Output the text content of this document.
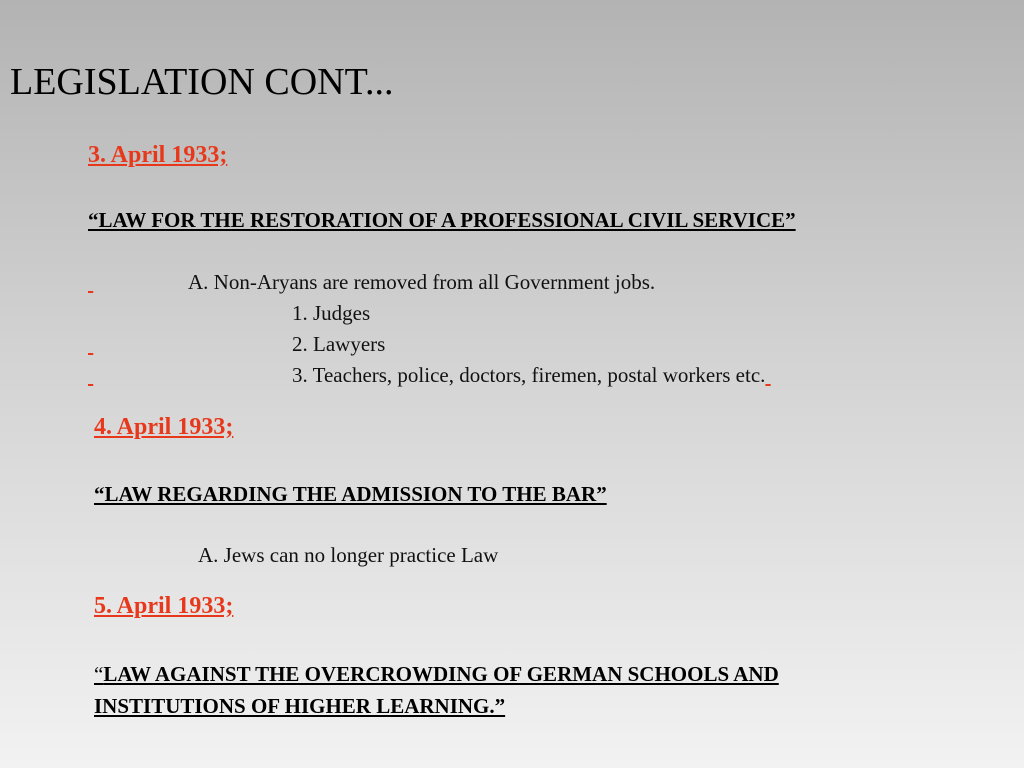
LEGISLATION CONT...
3. April 1933;
“LAW FOR THE RESTORATION OF A PROFESSIONAL CIVIL SERVICE”
A. Non-Aryans are removed from all Government jobs.
1. Judges
2. Lawyers
3. Teachers, police, doctors, firemen, postal workers etc.
4. April 1933;
“LAW REGARDING THE ADMISSION TO THE BAR”
A. Jews can no longer practice Law
5. April 1933;
“LAW AGAINST THE OVERCROWDING OF GERMAN SCHOOLS AND
INSTITUTIONS OF HIGHER LEARNING.”
